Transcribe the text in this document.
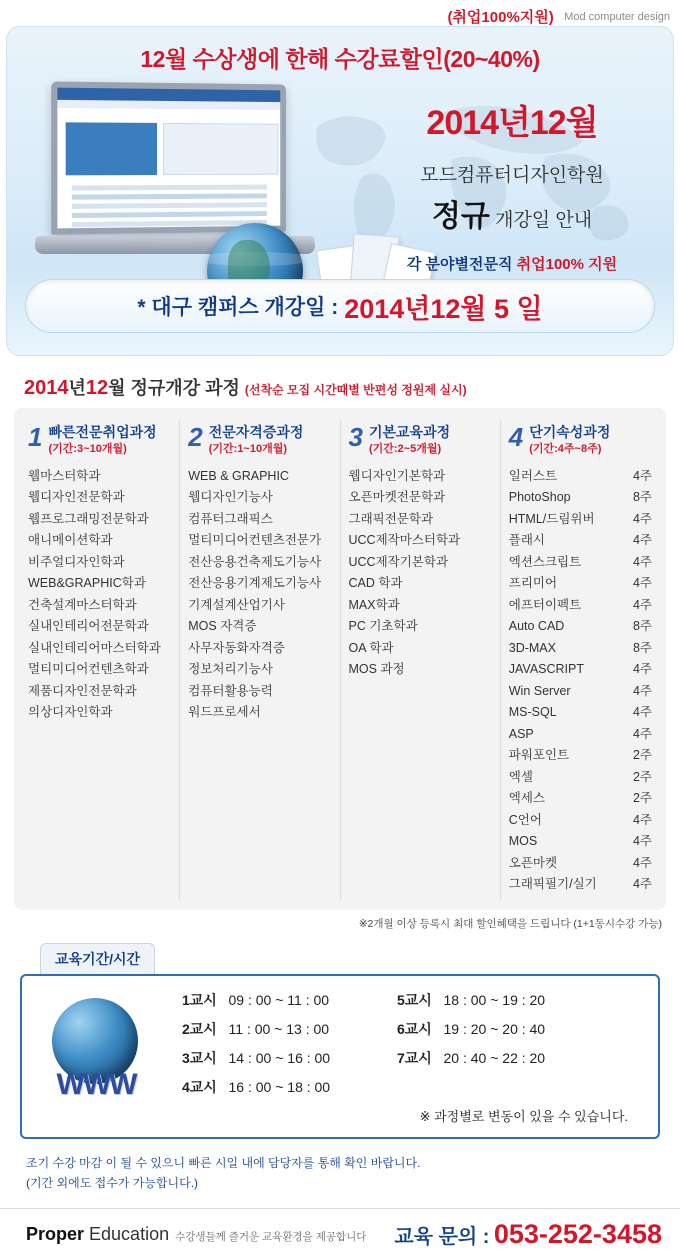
(취업100%지원) Mod computer design
12월 수상생에 한해 수강료할인(20~40%)
2014년12월
모드컴퓨터디자인학원
정규 개강일 안내
각 분야별전문직 취업100% 지원
* 대구 캠퍼스 개강일 : 2014년12월 5 일
2014년12월 정규개강 과정 (선착순 모집 시간때별 반편성 정원제 실시)
1 빠른전문취업과정
(기간:3~10개월)
웹마스터학과
웹디자인전문학과
웹프로그래밍전문학과
애니메이션학과
비주얼디자인학과
WEB&GRAPHIC학과
건축설계마스터학과
실내인테리어전문학과
실내인테리어마스터학과
멀티미디어컨텐츠학과
제품디자인전문학과
의상디자인학과
2 전문자격증과정
(기간:1~10개월)
WEB & GRAPHIC
웹디자인기능사
컴퓨터그래픽스
멀티미디어컨텐츠전문가
전산응용건축제도기능사
전산응용기계제도기능사
기계설계산업기사
MOS 자격증
사무자동화자격증
정보처리기능사
컴퓨터활용능력
워드프로세서
3 기본교육과정
(기간:2~5개월)
웹디자인기본학과
오픈마켓전문학과
그래픽전문학과
UCC제작마스터학과
UCC제작기본학과
CAD 학과
MAX학과
PC 기초학과
OA 학과
MOS 과정
4 단기속성과정
(기간:4주~8주)
일러스트	4주
PhotoShop	8주
HTML/드림위버	4주
플래시	4주
엑션스크립트	4주
프리미어	4주
에프터이펙트	4주
Auto CAD	8주
3D-MAX	8주
JAVASCRIPT	4주
Win Server	4주
MS-SQL	4주
ASP	4주
파워포인트	2주
엑셀	2주
엑세스	2주
C언어	4주
MOS	4주
오픈마켓	4주
그래픽필기/실기	4주
※2개월 이상 등록시 최대 할인혜택을 드립니다 (1+1동시수강 가능)
교육기간/시간
WWW
1교시 09 : 00 ~ 11 : 00	5교시 18 : 00 ~ 19 : 20
2교시 11 : 00 ~ 13 : 00	6교시 19 : 20 ~ 20 : 40
3교시 14 : 00 ~ 16 : 00	7교시 20 : 40 ~ 22 : 20
4교시 16 : 00 ~ 18 : 00
※ 과정별로 변동이 있을 수 있습니다.
조기 수강 마감 이 될 수 있으니 빠른 시일 내에 담당자를 통해 확인 바랍니다.
(기간 외에도 접수가 가능합니다.)
Proper Education 수강생들께 즐거운 교육환경을 제공합니다 교육 문의 : 053-252-3458
